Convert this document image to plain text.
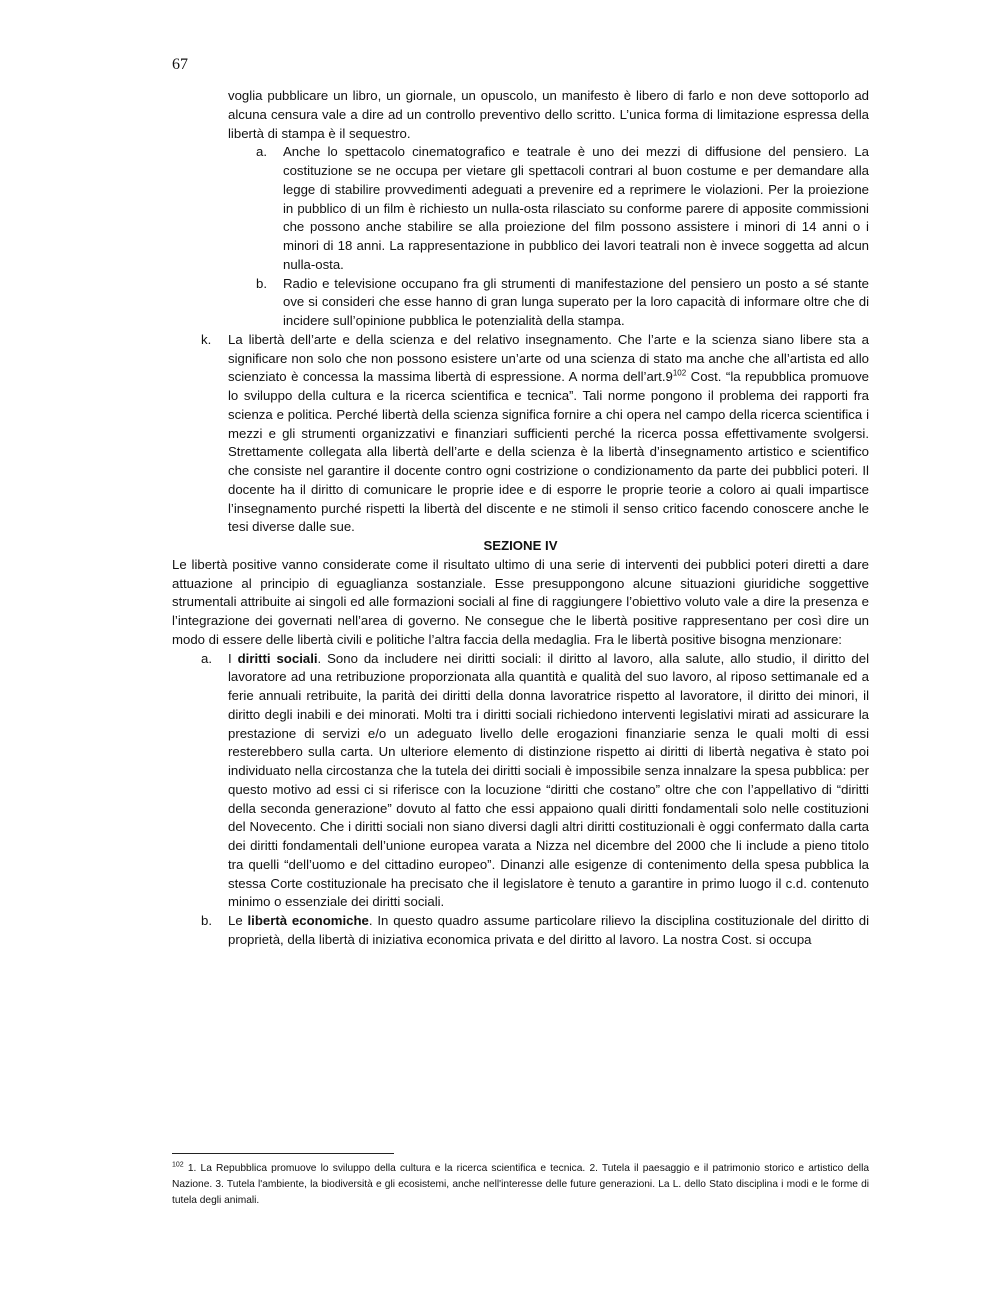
67

voglia pubblicare un libro, un giornale, un opuscolo, un manifesto è libero di farlo e non deve sottoporlo ad alcuna censura vale a dire ad un controllo preventivo dello scritto. L’unica forma di limitazione espressa della libertà di stampa è il sequestro.

a. Anche lo spettacolo cinematografico e teatrale è uno dei mezzi di diffusione del pensiero. La costituzione se ne occupa per vietare gli spettacoli contrari al buon costume e per demandare alla legge di stabilire provvedimenti adeguati a prevenire ed a reprimere le violazioni. Per la proiezione in pubblico di un film è richiesto un nulla-osta rilasciato su conforme parere di apposite commissioni che possono anche stabilire se alla proiezione del film possono assistere i minori di 14 anni o i minori di 18 anni. La rappresentazione in pubblico dei lavori teatrali non è invece soggetta ad alcun nulla-osta.
b. Radio e televisione occupano fra gli strumenti di manifestazione del pensiero un posto a sé stante ove si consideri che esse hanno di gran lunga superato per la loro capacità di informare oltre che di incidere sull’opinione pubblica le potenzialità della stampa.
k. La libertà dell’arte e della scienza e del relativo insegnamento. Che l’arte e la scienza siano libere sta a significare non solo che non possono esistere un’arte od una scienza di stato ma anche che all’artista ed allo scienziato è concessa la massima libertà di espressione. A norma $dell’art.9^{102}$ Cost. “la repubblica promuove lo sviluppo della cultura e la ricerca scientifica e tecnica”. Tali norme pongono il problema dei rapporti fra scienza e politica. Perché libertà della scienza significa fornire a chi opera nel campo della ricerca scientifica i mezzi e gli strumenti organizzativi e finanziari sufficienti perché la ricerca possa effettivamente svolgersi. Strettamente collegata alla libertà dell’arte e della scienza è la libertà d’insegnamento artistico e scientifico che consiste nel garantire il docente contro ogni costrizione o condizionamento da parte dei pubblici poteri. Il docente ha il diritto di comunicare le proprie idee e di esporre le proprie teorie a coloro ai quali impartisce l’insegnamento purché rispetti la libertà del discente e ne stimoli il senso critico facendo conoscere anche le tesi diverse dalle sue.

SEZIONE IV

Le libertà positive vanno considerate come il risultato ultimo di una serie di interventi dei pubblici poteri diretti a dare attuazione al principio di eguaglianza sostanziale. Esse presuppongono alcune situazioni giuridiche soggettive strumentali attribuite ai singoli ed alle formazioni sociali al fine di raggiungere l’obiettivo voluto vale a dire la presenza e l’integrazione dei governati nell’area di governo. Ne consegue che le libertà positive rappresentano per così dire un modo di essere delle libertà civili e politiche l’altra faccia della medaglia. Fra le libertà positive bisogna menzionare:

a. I diritti sociali. Sono da includere nei diritti sociali: il diritto al lavoro, alla salute, allo studio, il diritto del lavoratore ad una retribuzione proporzionata alla quantità e qualità del suo lavoro, al riposo settimanale ed a ferie annuali retribuite, la parità dei diritti della donna lavoratrice rispetto al lavoratore, il diritto dei minori, il diritto degli inabili e dei minorati. Molti tra i diritti sociali richiedono interventi legislativi mirati ad assicurare la prestazione di servizi e/o un adeguato livello delle erogazioni finanziarie senza le quali molti di essi resterebbero sulla carta. Un ulteriore elemento di distinzione rispetto ai diritti di libertà negativa è stato poi individuato nella circostanza che la tutela dei diritti sociali è impossibile senza innalzare la spesa pubblica: per questo motivo ad essi ci si riferisce con la locuzione “diritti che costano” oltre che con l’appellativo di “diritti della seconda generazione” dovuto al fatto che essi appaiono quali diritti fondamentali solo nelle costituzioni del Novecento. Che i diritti sociali non siano diversi dagli altri diritti costituzionali è oggi confermato dalla carta dei diritti fondamentali dell’unione europea varata a Nizza nel dicembre del 2000 che li include a pieno titolo tra quelli “dell’uomo e del cittadino europeo”. Dinanzi alle esigenze di contenimento della spesa pubblica la stessa Corte costituzionale ha precisato che il legislatore è tenuto a garantire in primo luogo il c.d. contenuto minimo o essenziale dei diritti sociali.
b. Le libertà economiche. In questo quadro assume particolare rilievo la disciplina costituzionale del diritto di proprietà, della libertà di iniziativa economica privata e del diritto al lavoro. La nostra Cost. si occupa
$^{102}$ 1. La Repubblica promuove lo sviluppo della cultura e la ricerca scientifica e tecnica. 2. Tutela il paesaggio e il patrimonio storico e artistico della Nazione. 3. Tutela l'ambiente, la biodiversità e gli ecosistemi, anche nell'interesse delle future generazioni. La L. dello Stato disciplina i modi e le forme di tutela degli animali.
